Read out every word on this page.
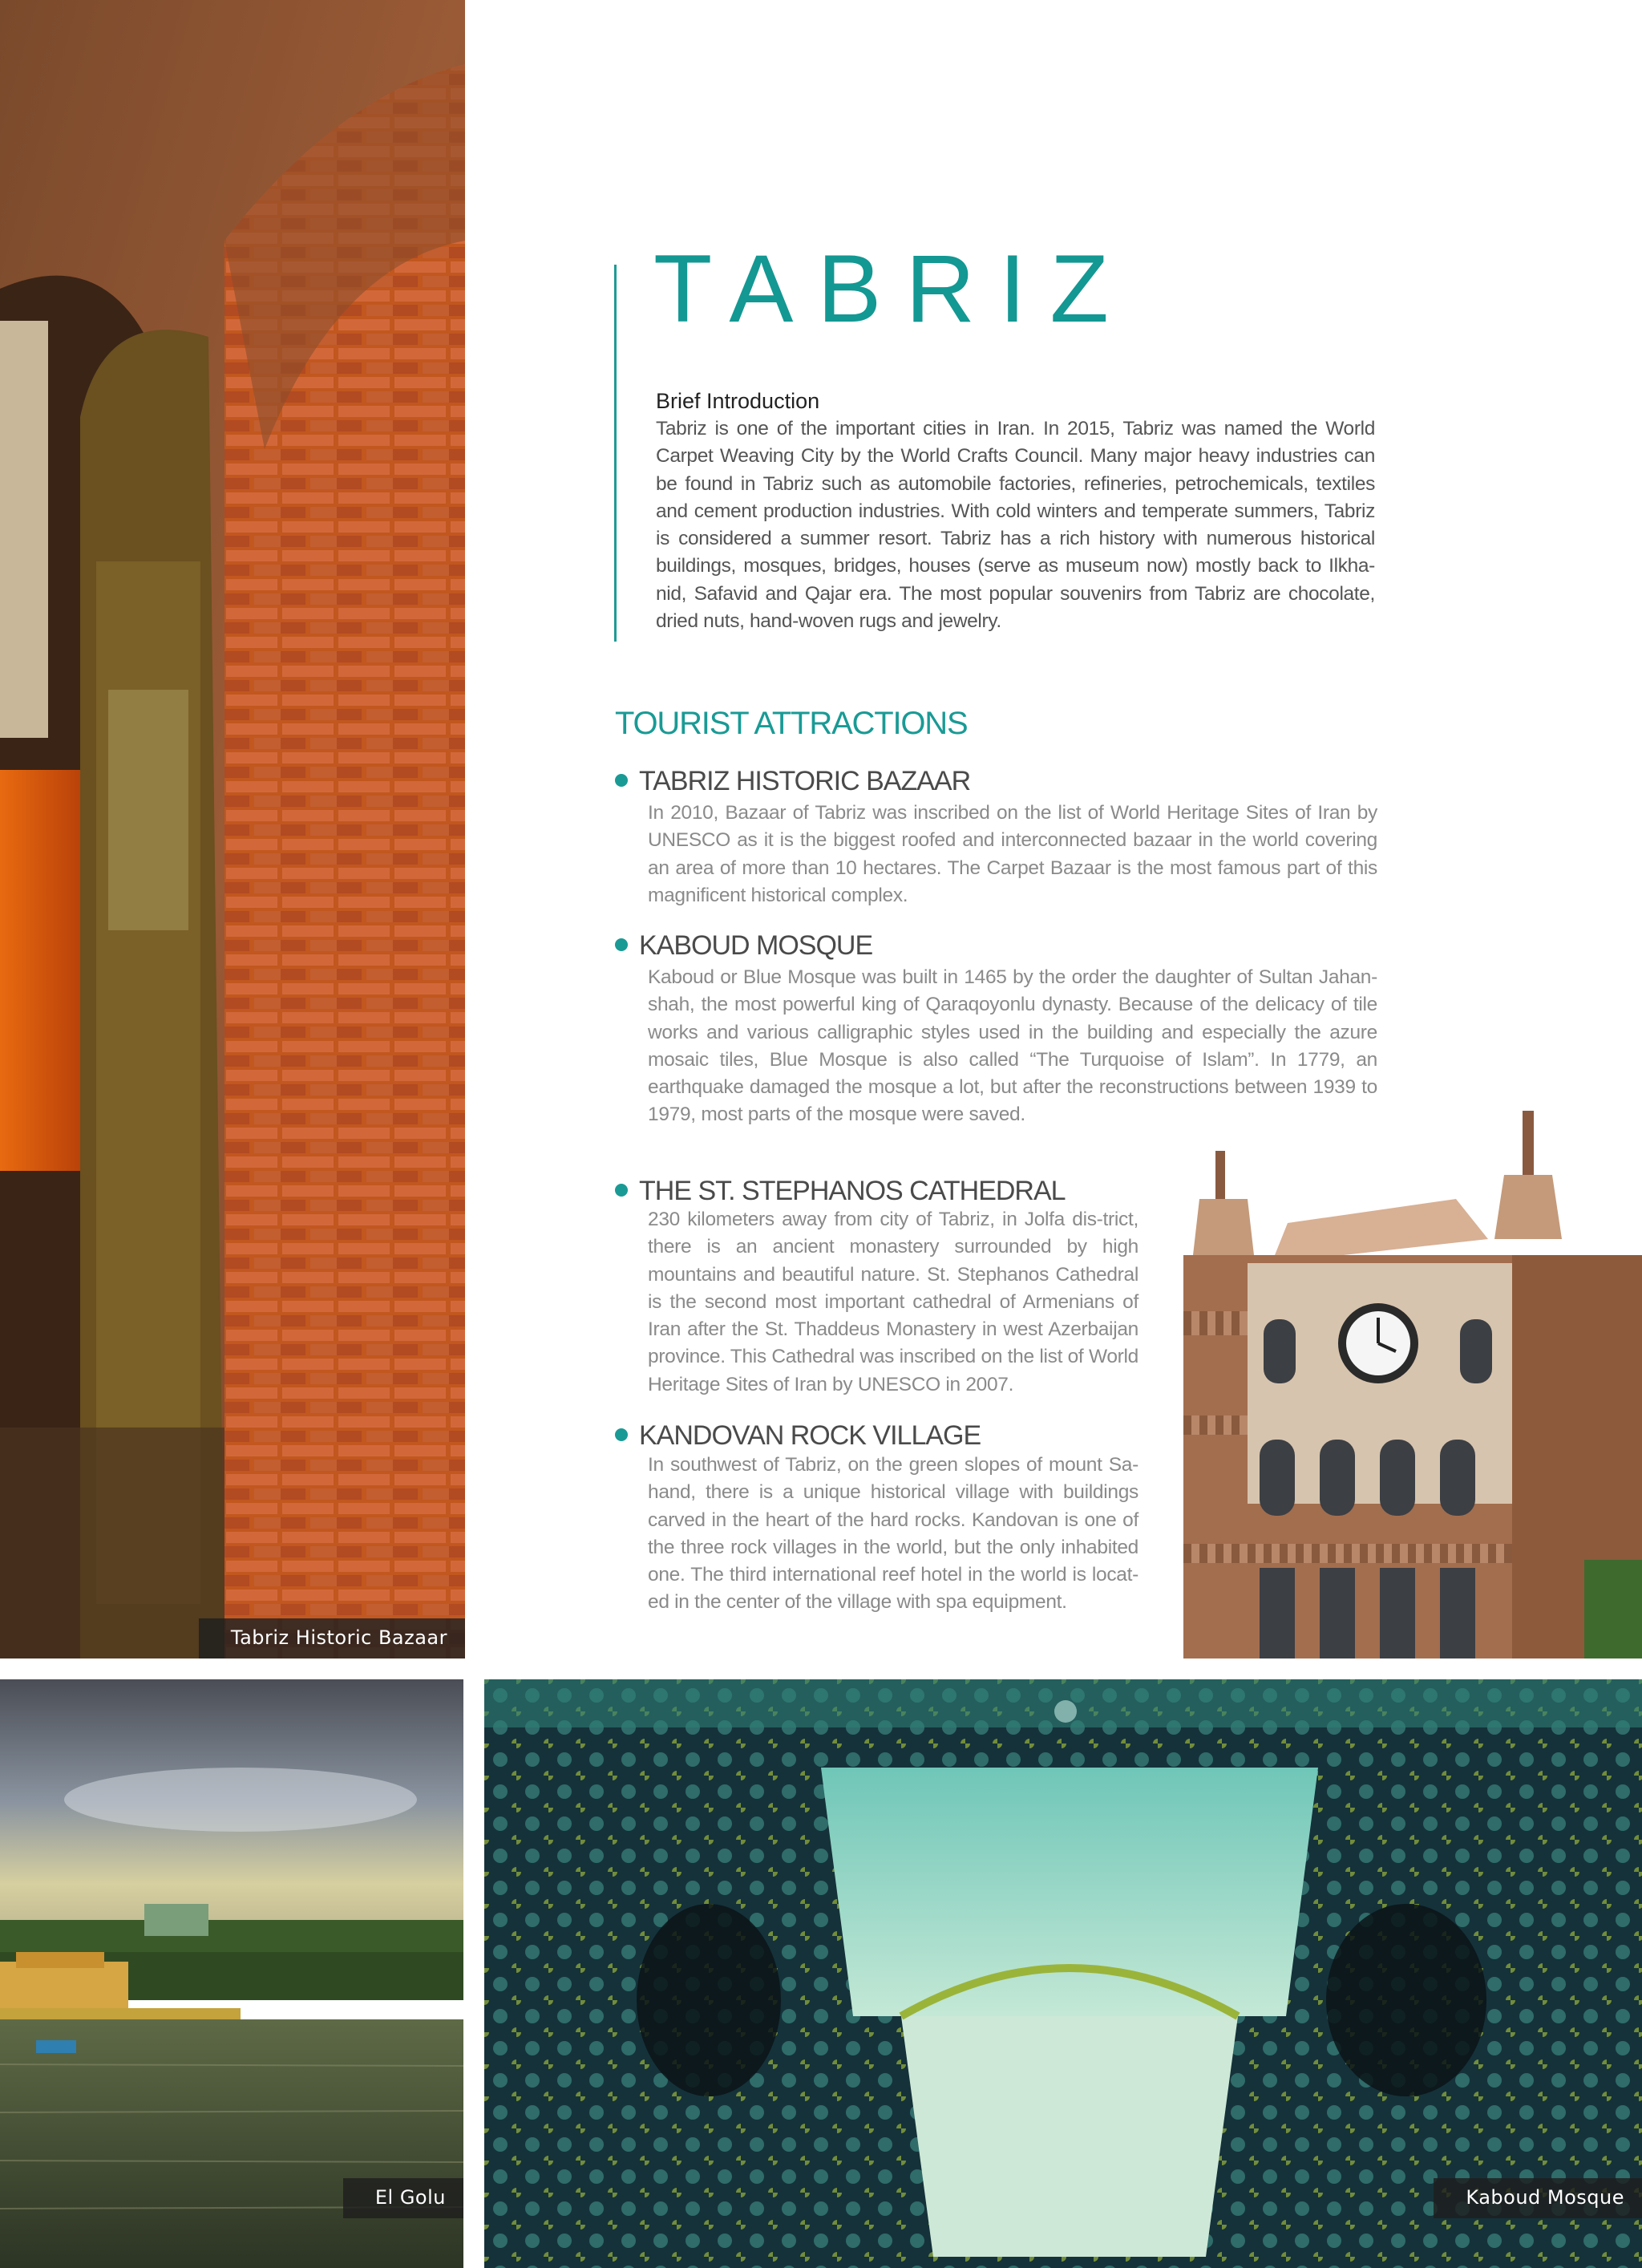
Tabriz Historic Bazaar
TABRIZ
Brief Introduction

Tabriz is one of the important cities in Iran. In 2015, Tabriz was named the World Carpet Weaving City by the World Crafts Council. Many major heavy industries can be found in Tabriz such as automobile factories, refineries, petrochemicals, textiles and cement production industries. With cold winters and temperate summers, Tabriz is considered a summer resort. Tabriz has a rich history with numerous historical buildings, mosques, bridges, houses (serve as museum now) mostly back to Ilkha-nid, Safavid and Qajar era. The most popular souvenirs from Tabriz are chocolate, dried nuts, hand-woven rugs and jewelry.

TOURIST ATTRACTIONS
TABRIZ HISTORIC BAZAAR

In 2010, Bazaar of Tabriz was inscribed on the list of World Heritage Sites of Iran by UNESCO as it is the biggest roofed and interconnected bazaar in the world covering an area of more than 10 hectares. The Carpet Bazaar is the most famous part of this magnificent historical complex.

KABOUD MOSQUE

Kaboud or Blue Mosque was built in 1465 by the order the daughter of Sultan Jahan-shah, the most powerful king of Qaraqoyonlu dynasty. Because of the delicacy of tile works and various calligraphic styles used in the building and especially the azure mosaic tiles, Blue Mosque is also called “The Turquoise of Islam”. In 1779, an earthquake damaged the mosque a lot, but after the reconstructions between 1939 to 1979, most parts of the mosque were saved.

THE ST. STEPHANOS CATHEDRAL

230 kilometers away from city of Tabriz, in Jolfa dis-trict, there is an ancient monastery surrounded by high mountains and beautiful nature. St. Stephanos Cathedral is the second most important cathedral of Armenians of Iran after the St. Thaddeus Monastery in west Azerbaijan province. This Cathedral was inscribed on the list of World Heritage Sites of Iran by UNESCO in 2007.

KANDOVAN ROCK VILLAGE

In southwest of Tabriz, on the green slopes of mount Sa-hand, there is a unique historical village with buildings carved in the heart of the hard rocks. Kandovan is one of the three rock villages in the world, but the only inhabited one. The third international reef hotel in the world is locat-ed in the center of the village with spa equipment.

El Golu	Kaboud Mosque
